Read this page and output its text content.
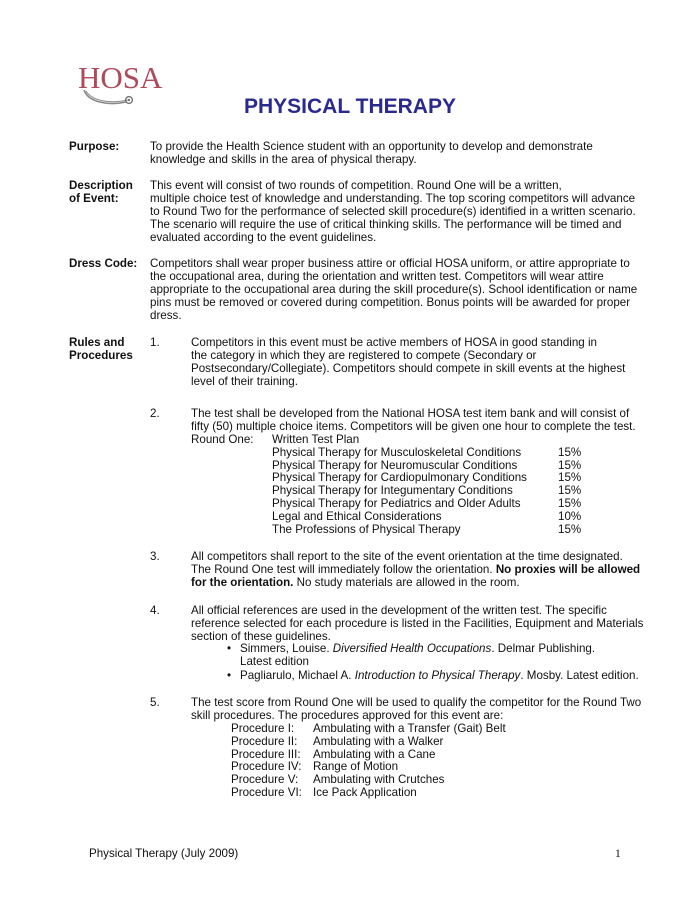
HOSA
PHYSICAL THERAPY
Purpose:	To provide the Health Science student with an opportunity to develop and demonstrate
knowledge and skills in the area of physical therapy.
Description
of Event:
This event will consist of two rounds of competition. Round One will be a written,
multiple choice test of knowledge and understanding. The top scoring competitors will advance
to Round Two for the performance of selected skill procedure(s) identified in a written scenario.
The scenario will require the use of critical thinking skills. The performance will be timed and
evaluated according to the event guidelines.
Dress Code: Competitors shall wear proper business attire or official HOSA uniform, or attire appropriate to
the occupational area, during the orientation and written test. Competitors will wear attire
appropriate to the occupational area during the skill procedure(s). School identification or name
pins must be removed or covered during competition. Bonus points will be awarded for proper
dress.
Rules and
Procedures
1.	Competitors in this event must be active members of HOSA in good standing in
the category in which they are registered to compete (Secondary or
Postsecondary/Collegiate). Competitors should compete in skill events at the highest
level of their training.
2.	The test shall be developed from the National HOSA test item bank and will consist of
fifty (50) multiple choice items. Competitors will be given one hour to complete the test.
Round One: Written Test Plan
Physical Therapy for Musculoskeletal Conditions	15%
Physical Therapy for Neuromuscular Conditions	15%
Physical Therapy for Cardiopulmonary Conditions	15%
Physical Therapy for Integumentary Conditions	15%
Physical Therapy for Pediatrics and Older Adults	15%
Legal and Ethical Considerations	10%
The Professions of Physical Therapy	15%
3.	All competitors shall report to the site of the event orientation at the time designated.
The Round One test will immediately follow the orientation. No proxies will be allowed
for the orientation. No study materials are allowed in the room.
4.	All official references are used in the development of the written test. The specific
reference selected for each procedure is listed in the Facilities, Equipment and Materials
section of these guidelines.
• Simmers, Louise. Diversified Health Occupations. Delmar Publishing.
Latest edition
• Pagliarulo, Michael A. Introduction to Physical Therapy. Mosby. Latest edition.
5.	The test score from Round One will be used to qualify the competitor for the Round Two
skill procedures. The procedures approved for this event are:
Procedure I: Ambulating with a Transfer (Gait) Belt
Procedure II: Ambulating with a Walker
Procedure III: Ambulating with a Cane
Procedure IV: Range of Motion
Procedure V: Ambulating with Crutches
Procedure VI: Ice Pack Application
Physical Therapy (July 2009)	1
